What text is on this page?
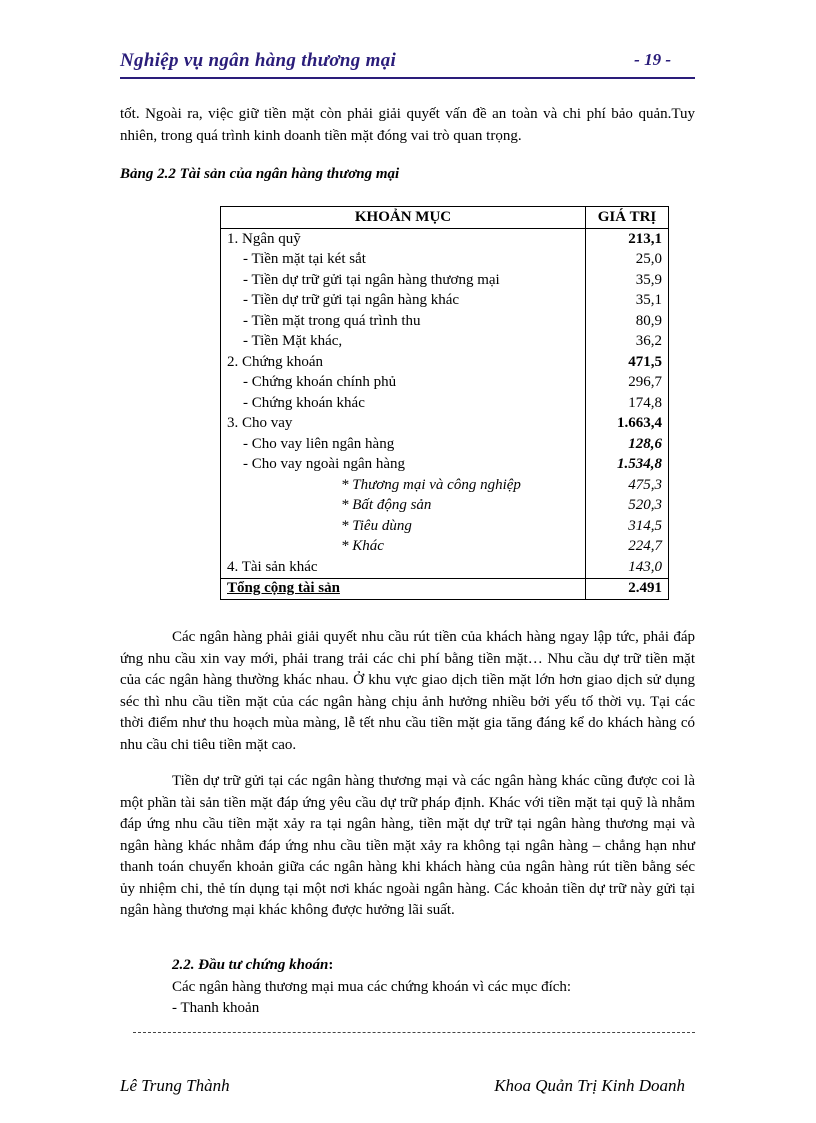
Nghiệp vụ ngân hàng thương mại	- 19 -
tốt. Ngoài ra, việc giữ tiền mặt còn phải giải quyết vấn đề an toàn và chi phí bảo quản.Tuy nhiên, trong quá trình kinh doanh tiền mặt đóng vai trò quan trọng.
Bảng 2.2 Tài sản của ngân hàng thương mại
KHOẢN MỤC	GIÁ TRỊ
1. Ngân quỹ	213,1
- Tiền mặt tại két sắt	25,0
- Tiền dự trữ gửi tại ngân hàng thương mại	35,9
- Tiền dự trữ gửi tại ngân hàng khác	35,1
- Tiền mặt trong quá trình thu	80,9
- Tiền Mặt khác,	36,2
2. Chứng khoán	471,5
- Chứng khoán chính phủ	296,7
- Chứng khoán khác	174,8
3. Cho vay	1.663,4
- Cho vay liên ngân hàng	128,6
- Cho vay ngoài ngân hàng	1.534,8
* Thương mại và công nghiệp	475,3
* Bất động sản	520,3
* Tiêu dùng	314,5
* Khác	224,7
4. Tài sản khác	143,0
Tổng cộng tài sản	2.491
Các ngân hàng phải giải quyết nhu cầu rút tiền của khách hàng ngay lập tức, phải đáp ứng nhu cầu xin vay mới, phải trang trải các chi phí bằng tiền mặt… Nhu cầu dự trữ tiền mặt của các ngân hàng thường khác nhau. Ở khu vực giao dịch tiền mặt lớn hơn giao dịch sử dụng séc thì nhu cầu tiền mặt của các ngân hàng chịu ảnh hưởng nhiều bởi yếu tố thời vụ. Tại các thời điểm như thu hoạch mùa màng, lễ tết nhu cầu tiền mặt gia tăng đáng kể do khách hàng có nhu cầu chi tiêu tiền mặt cao.
Tiền dự trữ gửi tại các ngân hàng thương mại và các ngân hàng khác cũng được coi là một phần tài sản tiền mặt đáp ứng yêu cầu dự trữ pháp định. Khác với tiền mặt tại quỹ là nhằm đáp ứng nhu cầu tiền mặt xảy ra tại ngân hàng, tiền mặt dự trữ tại ngân hàng thương mại và ngân hàng khác nhằm đáp ứng nhu cầu tiền mặt xảy ra không tại ngân hàng – chẳng hạn như thanh toán chuyển khoản giữa các ngân hàng khi khách hàng của ngân hàng rút tiền bằng séc ủy nhiệm chi, thẻ tín dụng tại một nơi khác ngoài ngân hàng. Các khoản tiền dự trữ này gửi tại ngân hàng thương mại khác không được hưởng lãi suất.
2.2. Đầu tư chứng khoán:
Các ngân hàng thương mại mua các chứng khoán vì các mục đích:
- Thanh khoản
Lê Trung Thành	Khoa Quản Trị Kinh Doanh
